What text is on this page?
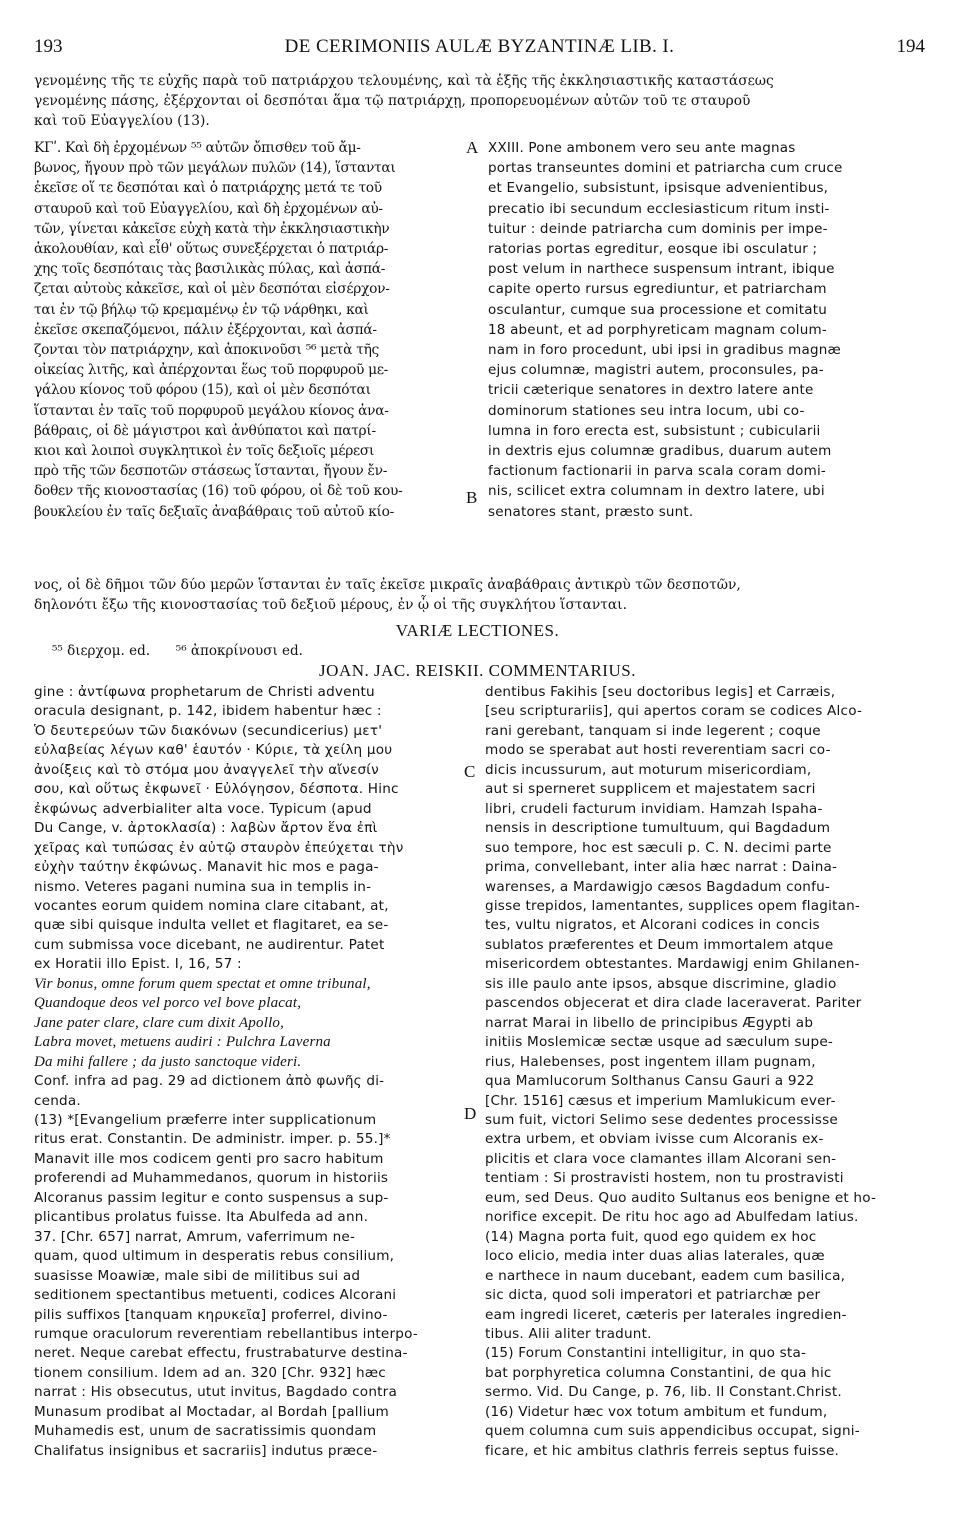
193	DE CERIMONIIS AULÆ BYZANTINÆ LIB. I.	194
γενομένης τῆς τε εὐχῆς παρὰ τοῦ πατριάρχου τελουμένης, καὶ τὰ ἑξῆς τῆς ἐκκλησιαστικῆς καταστάσεως
γενομένης πάσης, ἐξέρχονται οἱ δεσπόται ἅμα τῷ πατριάρχῃ, προπορευομένων αὐτῶν τοῦ τε σταυροῦ
καὶ τοῦ Εὐαγγελίου (13).
ΚΓʹ. Καὶ δὴ ἐρχομένων ⁵⁵ αὐτῶν ὄπισθεν τοῦ ἄμ-
βωνος, ἤγουν πρὸ τῶν μεγάλων πυλῶν (14), ἵστανται
ἐκεῖσε οἵ τε δεσπόται καὶ ὁ πατριάρχης μετά τε τοῦ
σταυροῦ καὶ τοῦ Εὐαγγελίου, καὶ δὴ ἐρχομένων αὐ-
τῶν, γίνεται κἀκεῖσε εὐχὴ κατὰ τὴν ἐκκλησιαστικὴν
ἀκολουθίαν, καὶ εἶθ' οὕτως συνεξέρχεται ὁ πατριάρ-
χης τοῖς δεσπόταις τὰς βασιλικὰς πύλας, καὶ ἀσπά-
ζεται αὐτοὺς κἀκεῖσε, καὶ οἱ μὲν δεσπόται εἰσέρχον-
ται ἐν τῷ βήλῳ τῷ κρεμαμένῳ ἐν τῷ νάρθηκι, καὶ
ἐκεῖσε σκεπαζόμενοι, πάλιν ἐξέρχονται, καὶ ἀσπά-
ζονται τὸν πατριάρχην, καὶ ἀποκινοῦσι ⁵⁶ μετὰ τῆς
οἰκείας λιτῆς, καὶ ἀπέρχονται ἕως τοῦ πορφυροῦ με-
γάλου κίονος τοῦ φόρου (15), καὶ οἱ μὲν δεσπόται
ἵστανται ἐν ταῖς τοῦ πορφυροῦ μεγάλου κίονος ἀνα-
βάθραις, οἱ δὲ μάγιστροι καὶ ἀνθύπατοι καὶ πατρί-
κιοι καὶ λοιποὶ συγκλητικοὶ ἐν τοῖς δεξιοῖς μέρεσι
πρὸ τῆς τῶν δεσποτῶν στάσεως ἵστανται, ἤγουν ἔν-
δοθεν τῆς κιονοστασίας (16) τοῦ φόρου, οἱ δὲ τοῦ κου-
βουκλείου ἐν ταῖς δεξιαῖς ἀναβάθραις τοῦ αὐτοῦ κίο-
A
B
XXIII. Pone ambonem vero seu ante magnas
portas transeuntes domini et patriarcha cum cruce
et Evangelio, subsistunt, ipsisque advenientibus,
precatio ibi secundum ecclesiasticum ritum insti-
tuitur : deinde patriarcha cum dominis per impe-
ratorias portas egreditur, eosque ibi osculatur ;
post velum in narthece suspensum intrant, ibique
capite operto rursus egrediuntur, et patriarcham
osculantur, cumque sua processione et comitatu
18 abeunt, et ad porphyreticam magnam colum-
nam in foro procedunt, ubi ipsi in gradibus magnæ
ejus columnæ, magistri autem, proconsules, pa-
tricii cæterique senatores in dextro latere ante
dominorum stationes seu intra locum, ubi co-
lumna in foro erecta est, subsistunt ; cubicularii
in dextris ejus columnæ gradibus, duarum autem
factionum factionarii in parva scala coram domi-
nis, scilicet extra columnam in dextro latere, ubi
senatores stant, præsto sunt.
νος, οἱ δὲ δῆμοι τῶν δύο μερῶν ἵστανται ἐν ταῖς ἐκεῖσε μικραῖς ἀναβάθραις ἀντικρὺ τῶν δεσποτῶν,
δηλονότι ἔξω τῆς κιονοστασίας τοῦ δεξιοῦ μέρους, ἐν ᾧ οἱ τῆς συγκλήτου ἵστανται.
VARIÆ LECTIONES.
⁵⁵ διερχομ. ed.      ⁵⁶ ἀποκρίνουσι ed.
JOAN. JAC. REISKII. COMMENTARIUS.
C
D
gine : ἀντίφωνα prophetarum de Christi adventu
oracula designant, p. 142, ibidem habentur hæc :
Ὁ δευτερεύων τῶν διακόνων (secundicerius) μετ'
εὐλαβείας λέγων καθ' ἑαυτόν · Κύριε, τὰ χείλη μου
ἀνοίξεις καὶ τὸ στόμα μου ἀναγγελεῖ τὴν αἴνεσίν
σου, καὶ οὕτως ἐκφωνεῖ · Εὐλόγησον, δέσποτα. Hinc
ἐκφώνως adverbialiter alta voce. Typicum (apud
Du Cange, v. ἀρτοκλασία) : λαβὼν ἄρτον ἕνα ἐπὶ
χεῖρας καὶ τυπώσας ἐν αὐτῷ σταυρὸν ἐπεύχεται τὴν
εὐχὴν ταύτην ἐκφώνως. Manavit hic mos e paga-
nismo. Veteres pagani numina sua in templis in-
vocantes eorum quidem nomina clare citabant, at,
quæ sibi quisque indulta vellet et flagitaret, ea se-
cum submissa voce dicebant, ne audirentur. Patet
ex Horatii illo Epist. I, 16, 57 :
Vir bonus, omne forum quem spectat et omne tribunal,
Quandoque deos vel porco vel bove placat,
Jane pater clare, clare cum dixit Apollo,
Labra movet, metuens audiri : Pulchra Laverna
Da mihi fallere ; da justo sanctoque videri.
Conf. infra ad pag. 29 ad dictionem ἀπὸ φωνῆς di-
cenda.
(13) *[Evangelium præferre inter supplicationum
ritus erat. Constantin. De administr. imper. p. 55.]*
Manavit ille mos codicem genti pro sacro habitum
proferendi ad Muhammedanos, quorum in historiis
Alcoranus passim legitur e conto suspensus a sup-
plicantibus prolatus fuisse. Ita Abulfeda ad ann.
37. [Chr. 657] narrat, Amrum, vaferrimum ne-
quam, quod ultimum in desperatis rebus consilium,
suasisse Moawiæ, male sibi de militibus sui ad
seditionem spectantibus metuenti, codices Alcorani
pilis suffixos [tanquam κηρυκεῖα] proferrel, divino-
rumque oraculorum reverentiam rebellantibus interpo-
neret. Neque carebat effectu, frustrabaturve destina-
tionem consilium. Idem ad an. 320 [Chr. 932] hæc
narrat : His obsecutus, utut invitus, Bagdado contra
Munasum prodibat al Moctadar, al Bordah [pallium
Muhamedis est, unum de sacratissimis quondam
Chalifatus insignibus et sacrariis] indutus præce-
dentibus Fakihis [seu doctoribus legis] et Carræis,
[seu scripturariis], qui apertos coram se codices Alco-
rani gerebant, tanquam si inde legerent ; coque
modo se sperabat aut hosti reverentiam sacri co-
dicis incussurum, aut moturum misericordiam,
aut si sperneret supplicem et majestatem sacri
libri, crudeli facturum invidiam. Hamzah Ispaha-
nensis in descriptione tumultuum, qui Bagdadum
suo tempore, hoc est sæculi p. C. N. decimi parte
prima, convellebant, inter alia hæc narrat : Daina-
warenses, a Mardawigjo cæsos Bagdadum confu-
gisse trepidos, lamentantes, supplices opem flagitan-
tes, vultu nigratos, et Alcorani codices in concis
sublatos præferentes et Deum immortalem atque
misericordem obtestantes. Mardawigj enim Ghilanen-
sis ille paulo ante ipsos, absque discrimine, gladio
pascendos objecerat et dira clade laceraverat. Pariter
narrat Marai in libello de principibus Ægypti ab
initiis Moslemicæ sectæ usque ad sæculum supe-
rius, Halebenses, post ingentem illam pugnam,
qua Mamlucorum Solthanus Cansu Gauri a 922
[Chr. 1516] cæsus et imperium Mamlukicum ever-
sum fuit, victori Selimo sese dedentes processisse
extra urbem, et obviam ivisse cum Alcoranis ex-
plicitis et clara voce clamantes illam Alcorani sen-
tentiam : Si prostravisti hostem, non tu prostravisti
eum, sed Deus. Quo audito Sultanus eos benigne et ho-
norifice excepit. De ritu hoc ago ad Abulfedam latius.
(14) Magna porta fuit, quod ego quidem ex hoc
loco elicio, media inter duas alias laterales, quæ
e narthece in naum ducebant, eadem cum basilica,
sic dicta, quod soli imperatori et patriarchæ per
eam ingredi liceret, cæteris per laterales ingredien-
tibus. Alii aliter tradunt.
(15) Forum Constantini intelligitur, in quo sta-
bat porphyretica columna Constantini, de qua hic
sermo. Vid. Du Cange, p. 76, lib. II Constant.Christ.
(16) Videtur hæc vox totum ambitum et fundum,
quem columna cum suis appendicibus occupat, signi-
ficare, et hic ambitus clathris ferreis septus fuisse.
